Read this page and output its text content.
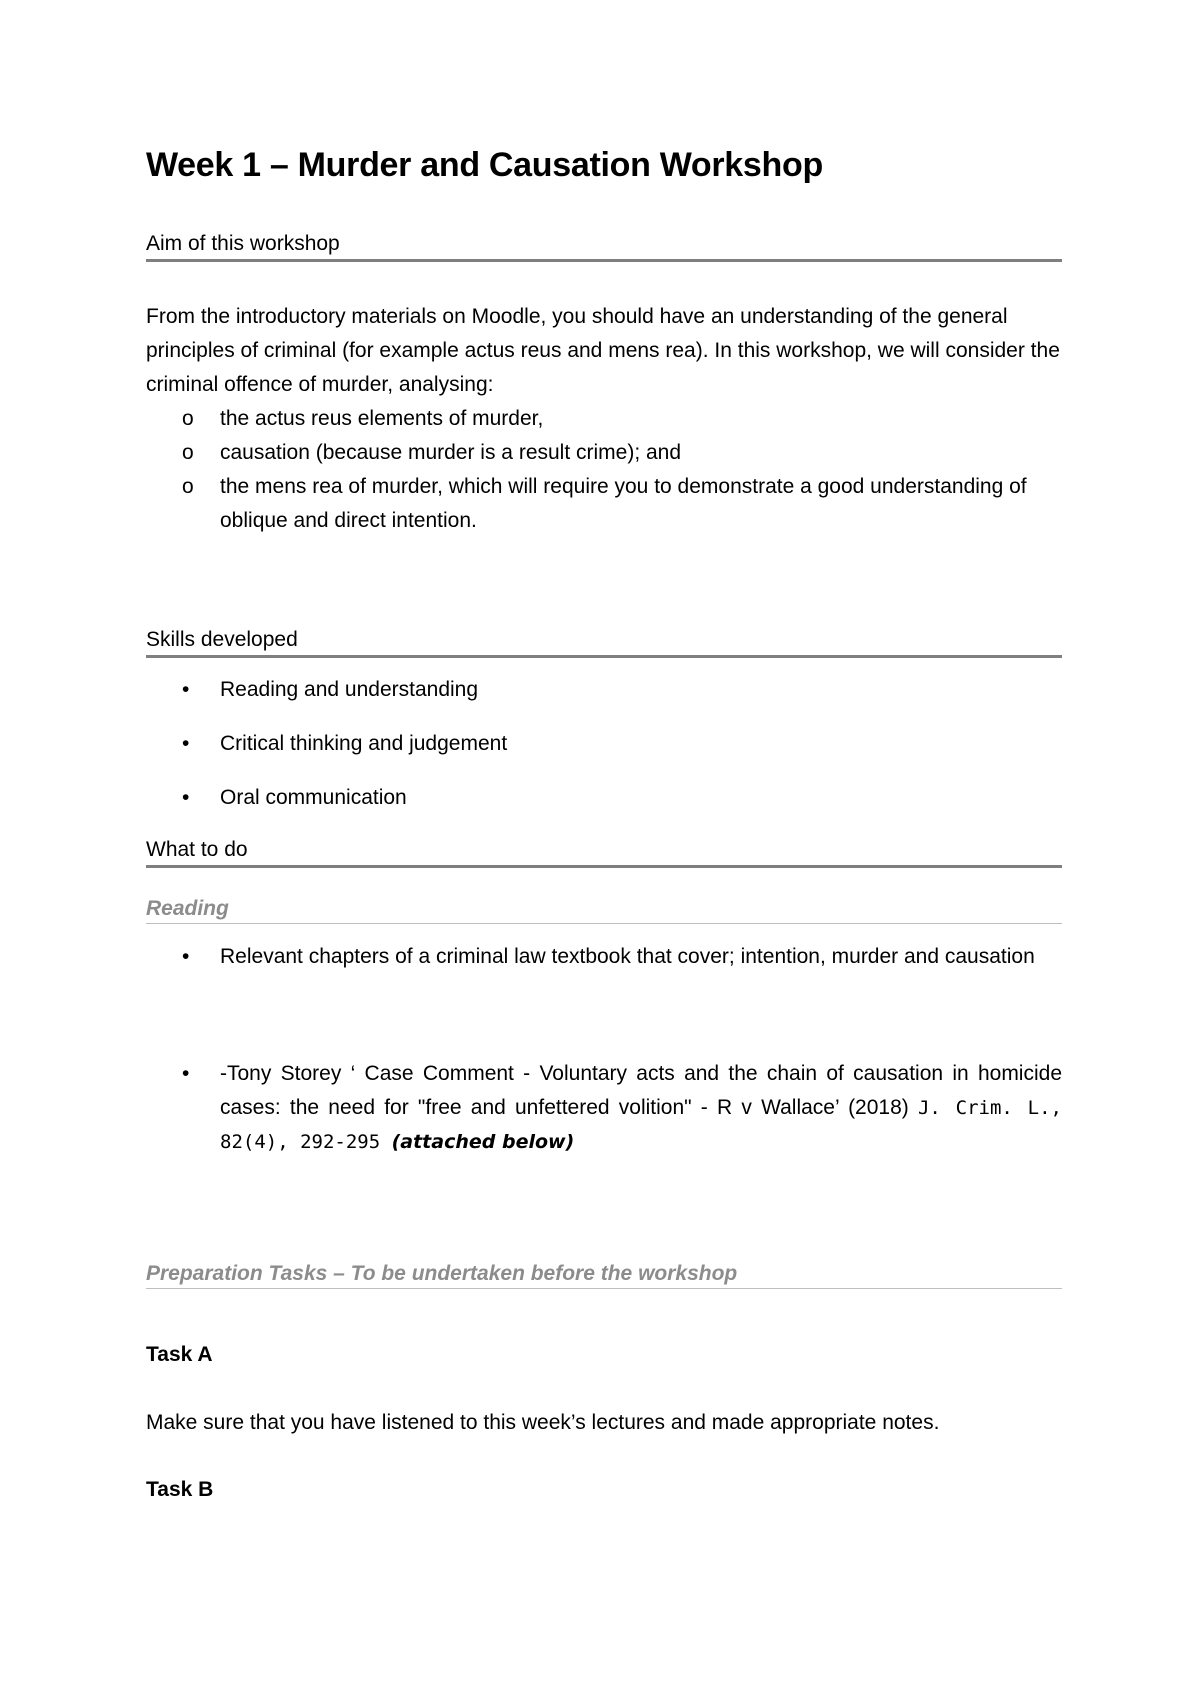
Week 1 – Murder and Causation Workshop
Aim of this workshop
From the introductory materials on Moodle, you should have an understanding of the general principles of criminal (for example actus reus and mens rea). In this workshop, we will consider the criminal offence of murder, analysing:
o the actus reus elements of murder,
o causation (because murder is a result crime); and
o the mens rea of murder, which will require you to demonstrate a good understanding of oblique and direct intention.
Skills developed
• Reading and understanding
• Critical thinking and judgement
• Oral communication
What to do
Reading
• Relevant chapters of a criminal law textbook that cover; intention, murder and causation
• -Tony Storey ‘ Case Comment - Voluntary acts and the chain of causation in homicide cases: the need for "free and unfettered volition" - R v Wallace’ (2018) J. Crim. L., 82(4), 292-295 (attached below)
Preparation Tasks – To be undertaken before the workshop
Task A
Make sure that you have listened to this week’s lectures and made appropriate notes.
Task B
